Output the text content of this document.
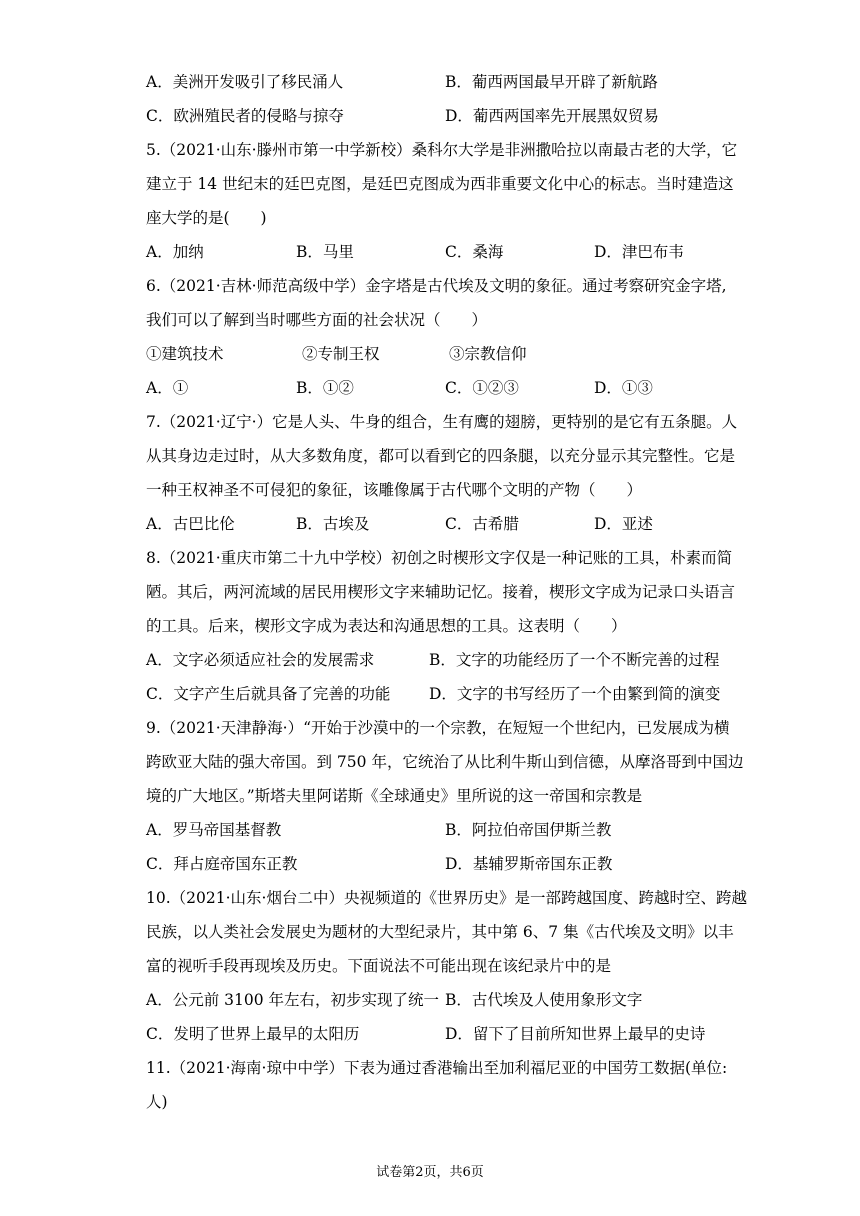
A．美洲开发吸引了移民涌人	B．葡西两国最早开辟了新航路
C．欧洲殖民者的侵略与掠夺	D．葡西两国率先开展黑奴贸易
5.（2021·山东·滕州市第一中学新校）桑科尔大学是非洲撒哈拉以南最古老的大学，它
建立于 14 世纪末的廷巴克图，是廷巴克图成为西非重要文化中心的标志。当时建造这
座大学的是(　　)
A．加纳	B．马里	C．桑海	D．津巴布韦
6.（2021·吉林·师范高级中学）金字塔是古代埃及文明的象征。通过考察研究金字塔,
我们可以了解到当时哪些方面的社会状况（　　）
①建筑技术	②专制王权	③宗教信仰
A．①	B．①②	C．①②③	D．①③
7.（2021·辽宁·）它是人头、牛身的组合，生有鹰的翅膀，更特别的是它有五条腿。人
从其身边走过时，从大多数角度，都可以看到它的四条腿，以充分显示其完整性。它是
一种王权神圣不可侵犯的象征，该雕像属于古代哪个文明的产物（　　）
A．古巴比伦	B．古埃及	C．古希腊	D．亚述
8.（2021·重庆市第二十九中学校）初创之时楔形文字仅是一种记账的工具，朴素而简
陋。其后，两河流域的居民用楔形文字来辅助记忆。接着，楔形文字成为记录口头语言
的工具。后来，楔形文字成为表达和沟通思想的工具。这表明（　　）
A．文字必须适应社会的发展需求	B．文字的功能经历了一个不断完善的过程
C．文字产生后就具备了完善的功能 D．文字的书写经历了一个由繁到简的演变
9.（2021·天津静海·）“开始于沙漠中的一个宗教，在短短一个世纪内，已发展成为横
跨欧亚大陆的强大帝国。到 750 年，它统治了从比利牛斯山到信德，从摩洛哥到中国边
境的广大地区。”斯塔夫里阿诺斯《全球通史》里所说的这一帝国和宗教是
A．罗马帝国基督教	B．阿拉伯帝国伊斯兰教
C．拜占庭帝国东正教	D．基辅罗斯帝国东正教
10.（2021·山东·烟台二中）央视频道的《世界历史》是一部跨越国度、跨越时空、跨越
民族，以人类社会发展史为题材的大型纪录片，其中第 6、7 集《古代埃及文明》以丰
富的视听手段再现埃及历史。下面说法不可能出现在该纪录片中的是
A．公元前 3100 年左右，初步实现了统一 B．古代埃及人使用象形文字
C．发明了世界上最早的太阳历	D．留下了目前所知世界上最早的史诗
11.（2021·海南·琼中中学）下表为通过香港输出至加利福尼亚的中国劳工数据(单位:
人)
试卷第2页，共6页
